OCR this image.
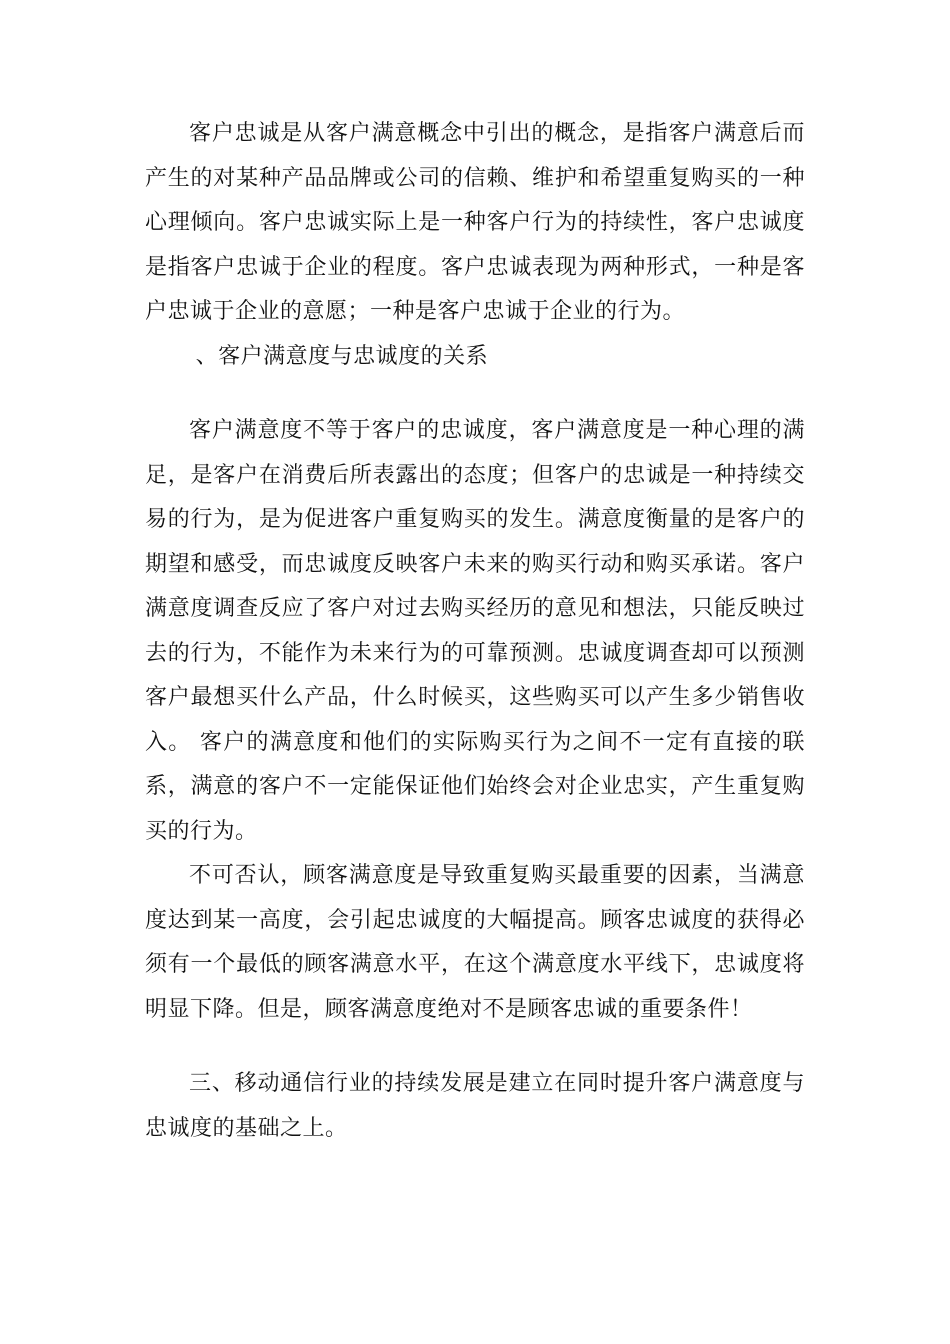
客户忠诚是从客户满意概念中引出的概念，是指客户满意后而产生的对某种产品品牌或公司的信赖、维护和希望重复购买的一种心理倾向。客户忠诚实际上是一种客户行为的持续性，客户忠诚度是指客户忠诚于企业的程度。客户忠诚表现为两种形式，一种是客户忠诚于企业的意愿；一种是客户忠诚于企业的行为。

、客户满意度与忠诚度的关系

客户满意度不等于客户的忠诚度，客户满意度是一种心理的满足，是客户在消费后所表露出的态度；但客户的忠诚是一种持续交易的行为，是为促进客户重复购买的发生。满意度衡量的是客户的期望和感受，而忠诚度反映客户未来的购买行动和购买承诺。客户满意度调查反应了客户对过去购买经历的意见和想法，只能反映过去的行为，不能作为未来行为的可靠预测。忠诚度调查却可以预测客户最想买什么产品，什么时候买，这些购买可以产生多少销售收入。 客户的满意度和他们的实际购买行为之间不一定有直接的联系，满意的客户不一定能保证他们始终会对企业忠实，产生重复购买的行为。

不可否认，顾客满意度是导致重复购买最重要的因素，当满意度达到某一高度，会引起忠诚度的大幅提高。顾客忠诚度的获得必须有一个最低的顾客满意水平，在这个满意度水平线下，忠诚度将明显下降。但是，顾客满意度绝对不是顾客忠诚的重要条件！

三、移动通信行业的持续发展是建立在同时提升客户满意度与忠诚度的基础之上。
